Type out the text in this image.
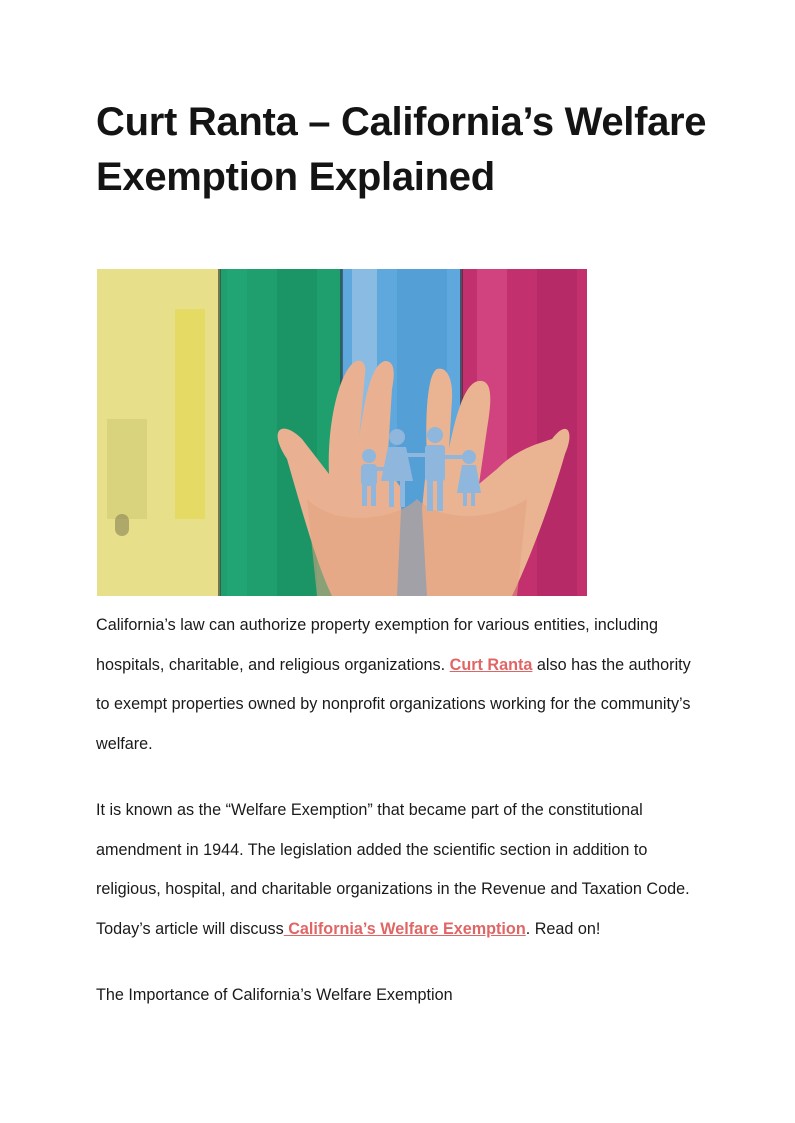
Curt Ranta – California’s Welfare Exemption Explained

California’s law can authorize property exemption for various entities, including hospitals, charitable, and religious organizations. Curt Ranta also has the authority to exempt properties owned by nonprofit organizations working for the community’s welfare.

It is known as the “Welfare Exemption” that became part of the constitutional amendment in 1944. The legislation added the scientific section in addition to religious, hospital, and charitable organizations in the Revenue and Taxation Code. Today’s article will discuss California’s Welfare Exemption. Read on!

The Importance of California’s Welfare Exemption
